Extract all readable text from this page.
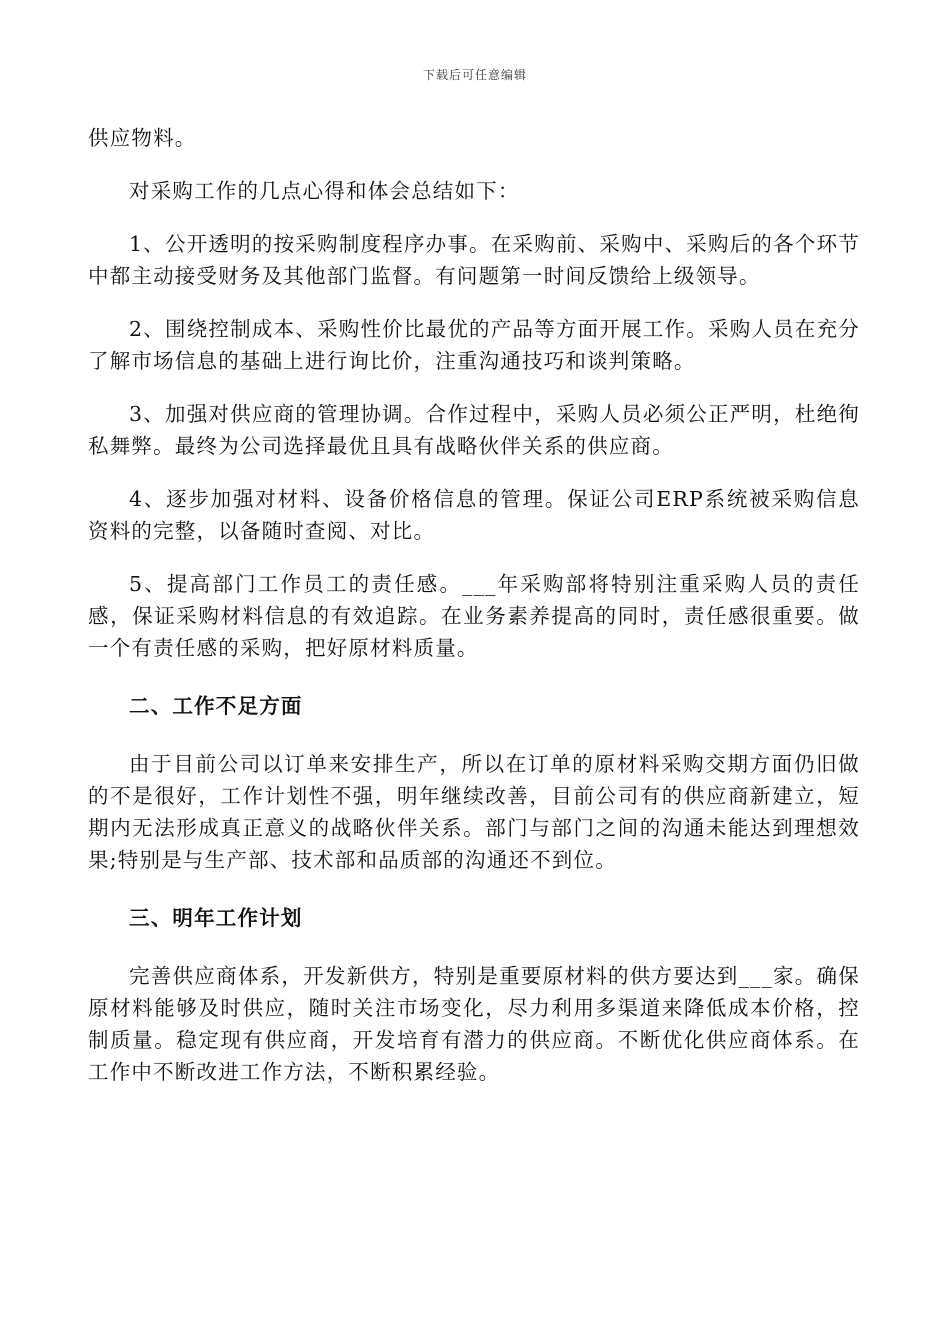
下载后可任意编辑

供应物料。

对采购工作的几点心得和体会总结如下：

1、公开透明的按采购制度程序办事。在采购前、采购中、采购后的各个环节中都主动接受财务及其他部门监督。有问题第一时间反馈给上级领导。

2、围绕控制成本、采购性价比最优的产品等方面开展工作。采购人员在充分了解市场信息的基础上进行询比价，注重沟通技巧和谈判策略。

3、加强对供应商的管理协调。合作过程中，采购人员必须公正严明，杜绝徇私舞弊。最终为公司选择最优且具有战略伙伴关系的供应商。

4、逐步加强对材料、设备价格信息的管理。保证公司ERP系统被采购信息资料的完整，以备随时查阅、对比。

5、提高部门工作员工的责任感。___年采购部将特别注重采购人员的责任感，保证采购材料信息的有效追踪。在业务素养提高的同时，责任感很重要。做一个有责任感的采购，把好原材料质量。

二、工作不足方面

由于目前公司以订单来安排生产，所以在订单的原材料采购交期方面仍旧做的不是很好，工作计划性不强，明年继续改善，目前公司有的供应商新建立，短期内无法形成真正意义的战略伙伴关系。部门与部门之间的沟通未能达到理想效果;特别是与生产部、技术部和品质部的沟通还不到位。

三、明年工作计划

完善供应商体系，开发新供方，特别是重要原材料的供方要达到___家。确保原材料能够及时供应，随时关注市场变化，尽力利用多渠道来降低成本价格，控制质量。稳定现有供应商，开发培育有潜力的供应商。不断优化供应商体系。在工作中不断改进工作方法，不断积累经验。
